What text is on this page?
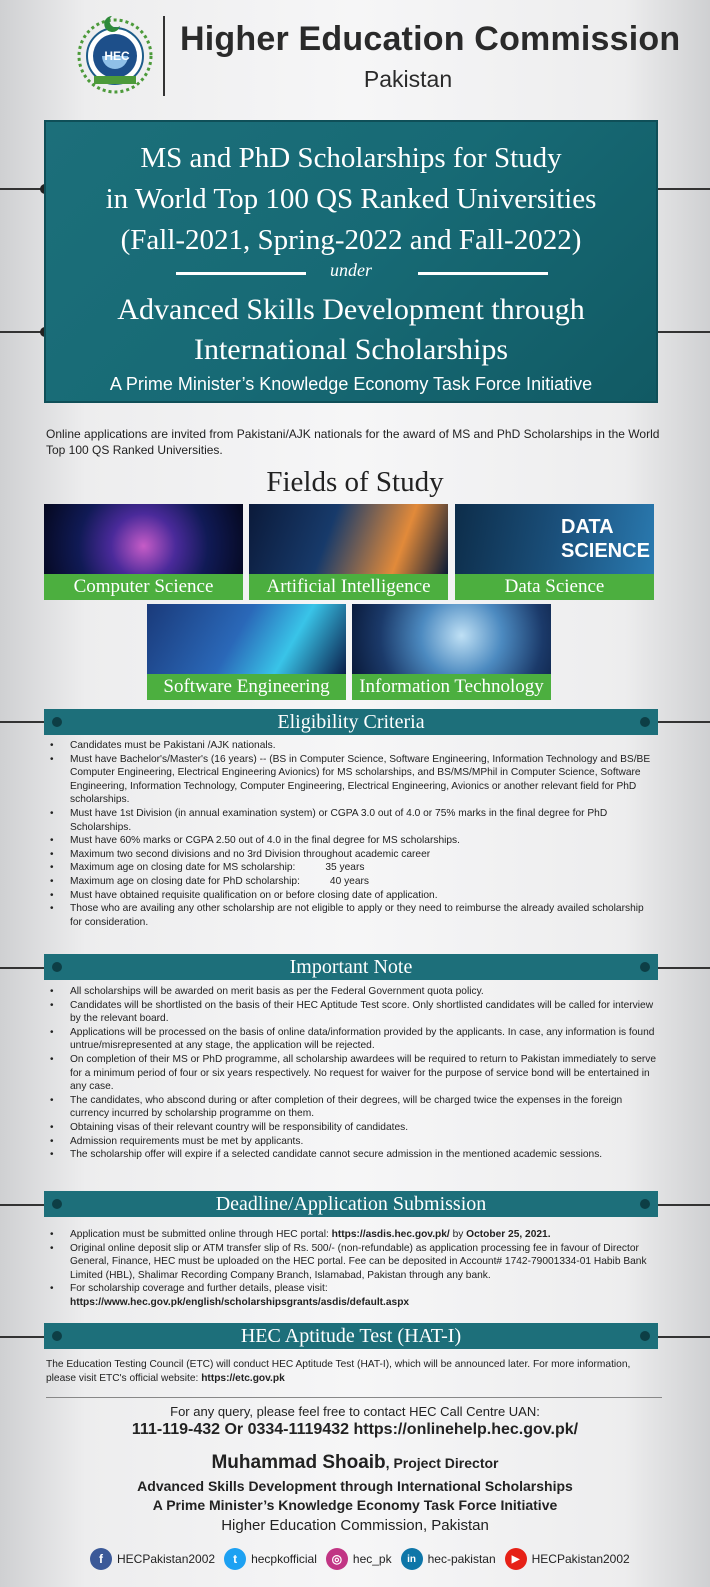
HEC Higher Education Commission
Pakistan
MS and PhD Scholarships for Study
in World Top 100 QS Ranked Universities
(Fall-2021, Spring-2022 and Fall-2022)
under
Advanced Skills Development through
International Scholarships
A Prime Minister’s Knowledge Economy Task Force Initiative
Online applications are invited from Pakistani/AJK nationals for the award of MS and PhD Scholarships in the World Top 100 QS Ranked Universities.
Fields of Study
Computer Science	Artificial Intelligence
DATA
SCIENCE
Data Science
Software Engineering	Information Technology
Eligibility Criteria
• Candidates must be Pakistani /AJK nationals.
• Must have Bachelor's/Master's (16 years) -- (BS in Computer Science, Software Engineering, Information Technology and BS/BE Computer Engineering, Electrical Engineering Avionics) for MS scholarships, and BS/MS/MPhil in Computer Science, Software Engineering, Information Technology, Computer Engineering, Electrical Engineering, Avionics or another relevant field for PhD scholarships.
• Must have 1st Division (in annual examination system) or CGPA 3.0 out of 4.0 or 75% marks in the final degree for PhD Scholarships.
• Must have 60% marks or CGPA 2.50 out of 4.0 in the final degree for MS scholarships.
• Maximum two second divisions and no 3rd Division throughout academic career
• Maximum age on closing date for MS scholarship:	35 years
• Maximum age on closing date for PhD scholarship:	40 years
• Must have obtained requisite qualification on or before closing date of application.
• Those who are availing any other scholarship are not eligible to apply or they need to reimburse the already availed scholarship for consideration.
Important Note
• All scholarships will be awarded on merit basis as per the Federal Government quota policy.
• Candidates will be shortlisted on the basis of their HEC Aptitude Test score. Only shortlisted candidates will be called for interview by the relevant board.
• Applications will be processed on the basis of online data/information provided by the applicants. In case, any information is found untrue/misrepresented at any stage, the application will be rejected.
• On completion of their MS or PhD programme, all scholarship awardees will be required to return to Pakistan immediately to serve for a minimum period of four or six years respectively. No request for waiver for the purpose of service bond will be entertained in any case.
• The candidates, who abscond during or after completion of their degrees, will be charged twice the expenses in the foreign currency incurred by scholarship programme on them.
• Obtaining visas of their relevant country will be responsibility of candidates.
• Admission requirements must be met by applicants.
• The scholarship offer will expire if a selected candidate cannot secure admission in the mentioned academic sessions.
Deadline/Application Submission
• Application must be submitted online through HEC portal: https://asdis.hec.gov.pk/ by October 25, 2021.
• Original online deposit slip or ATM transfer slip of Rs. 500/- (non-refundable) as application processing fee in favour of Director General, Finance, HEC must be uploaded on the HEC portal. Fee can be deposited in Account# 1742-79001334-01 Habib Bank Limited (HBL), Shalimar Recording Company Branch, Islamabad, Pakistan through any bank.
• For scholarship coverage and further details, please visit:
https://www.hec.gov.pk/english/scholarshipsgrants/asdis/default.aspx
HEC Aptitude Test (HAT-I)
The Education Testing Council (ETC) will conduct HEC Aptitude Test (HAT-I), which will be announced later. For more information, please visit ETC's official website: https://etc.gov.pk
For any query, please feel free to contact HEC Call Centre UAN:
111-119-432 Or 0334-1119432 https://onlinehelp.hec.gov.pk/
Muhammad Shoaib, Project Director
Advanced Skills Development through International Scholarships
A Prime Minister’s Knowledge Economy Task Force Initiative
Higher Education Commission, Pakistan
f	HECPakistan2002	t	hecpkofficial	◎ hec_pk	in hec-pakistan	▶	HECPakistan2002
